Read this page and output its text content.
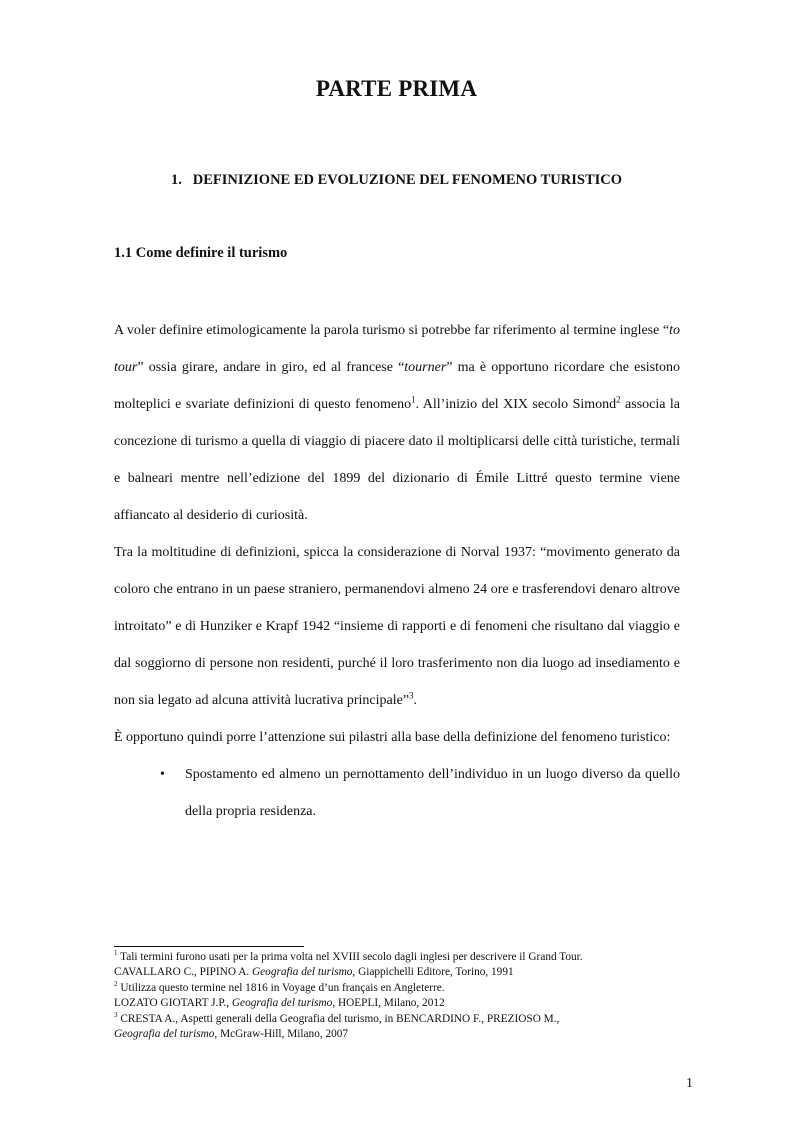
PARTE PRIMA
1.   DEFINIZIONE ED EVOLUZIONE DEL FENOMENO TURISTICO
1.1 Come definire il turismo

A voler definire etimologicamente la parola turismo si potrebbe far riferimento al termine inglese “to tour” ossia girare, andare in giro, ed al francese “tourner” ma è opportuno ricordare che esistono molteplici e svariate definizioni di questo fenomeno$^1$. All’inizio del XIX secolo Simond$^2$ associa la concezione di turismo a quella di viaggio di piacere dato il moltiplicarsi delle città turistiche, termali e balneari mentre nell’edizione del 1899 del dizionario di Émile Littré questo termine viene affiancato al desiderio di curiosità.

Tra la moltitudine di definizioni, spicca la considerazione di Norval 1937: “movimento generato da coloro che entrano in un paese straniero, permanendovi almeno 24 ore e trasferendovi denaro altrove introitato” e di Hunziker e Krapf 1942 “insieme di rapporti e di fenomeni che risultano dal viaggio e dal soggiorno di persone non residenti, purché il loro trasferimento non dia luogo ad insediamento e non sia legato ad alcuna attività lucrativa principale”$^3$.

È opportuno quindi porre l’attenzione sui pilastri alla base della definizione del fenomeno turistico:

• Spostamento ed almeno un pernottamento dell’individuo in un luogo diverso da quello della propria residenza.
$^1$ Tali termini furono usati per la prima volta nel XVIII secolo dagli inglesi per descrivere il Grand Tour.
CAVALLARO C., PIPINO A. Geografia del turismo, Giappichelli Editore, Torino, 1991
$^2$ Utilizza questo termine nel 1816 in Voyage d’un français en Angleterre.
LOZATO GIOTART J.P., Geografia del turismo, HOEPLI, Milano, 2012
$^3$ CRESTA A., Aspetti generali della Geografia del turismo, in BENCARDINO F., PREZIOSO M.,
Geografia del turismo, McGraw-Hill, Milano, 2007
1
